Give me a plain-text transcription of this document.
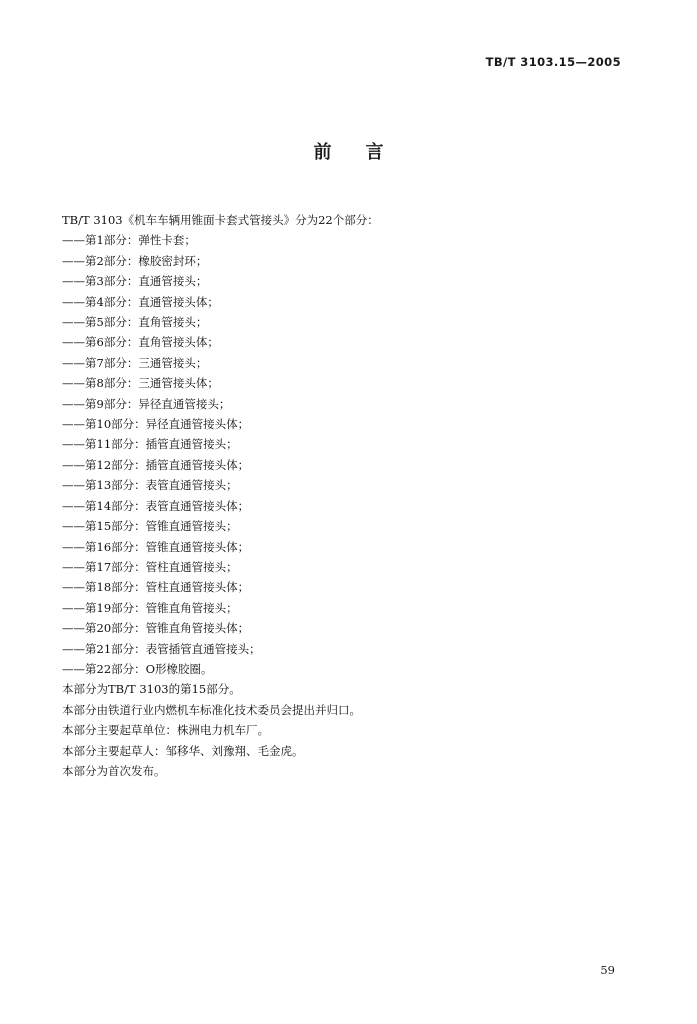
TB/T 3103.15—2005
前 言
TB/T 3103《机车车辆用锥面卡套式管接头》分为22个部分：
——第1部分：弹性卡套；
——第2部分：橡胶密封环；
——第3部分：直通管接头；
——第4部分：直通管接头体；
——第5部分：直角管接头；
——第6部分：直角管接头体；
——第7部分：三通管接头；
——第8部分：三通管接头体；
——第9部分：异径直通管接头；
——第10部分：异径直通管接头体；
——第11部分：插管直通管接头；
——第12部分：插管直通管接头体；
——第13部分：表管直通管接头；
——第14部分：表管直通管接头体；
——第15部分：管锥直通管接头；
——第16部分：管锥直通管接头体；
——第17部分：管柱直通管接头；
——第18部分：管柱直通管接头体；
——第19部分：管锥直角管接头；
——第20部分：管锥直角管接头体；
——第21部分：表管插管直通管接头；
——第22部分：O形橡胶圈。
本部分为TB/T 3103的第15部分。
本部分由铁道行业内燃机车标准化技术委员会提出并归口。
本部分主要起草单位：株洲电力机车厂。
本部分主要起草人：邹移华、刘豫翔、毛金虎。
本部分为首次发布。
59
